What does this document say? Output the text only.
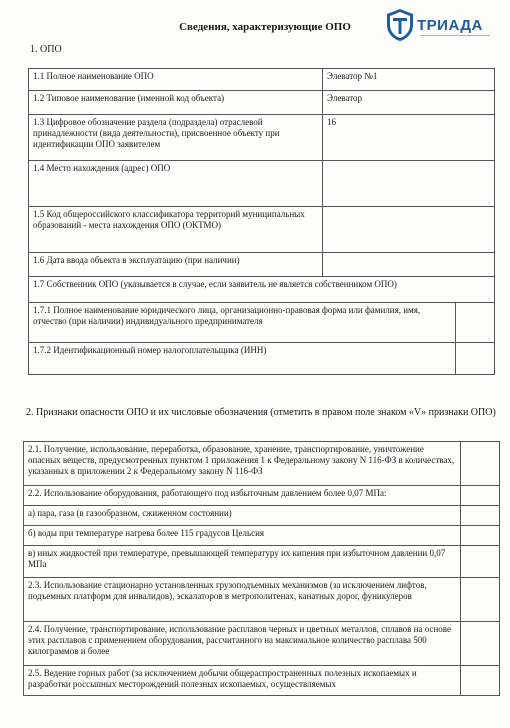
Сведения, характеризующие ОПО	ТРИАДА
1. ОПО
1.1 Полное наименование ОПО	Элеватор №1	
1.2 Типовое наименование (именной код объекта)	Элеватор	
1.3 Цифровое обозначение раздела (подраздела) отраслевой принадлежности (вида деятельности), присвоенное объекту при идентификации ОПО заявителем	16	
1.4 Место нахождения (адрес) ОПО		
1.5 Код общероссийского классификатора территорий муниципальных образований - места нахождения ОПО (ОКТМО)		
1.6 Дата ввода объекта в эксплуатацию (при наличии)		
1.7 Собственник ОПО (указывается в случае, если заявитель не является собственником ОПО)		
1.7.1 Полное наименование юридического лица, организационно-правовая форма или фамилия, имя, отчество (при наличии) индивидуального предпринимателя		
1.7.2 Идентификационный номер налогоплательщика (ИНН)		
2. Признаки опасности ОПО и их числовые обозначения (отметить в правом поле знаком «V» признаки ОПО)
2.1. Получение, использование, переработка, образование, хранение, транспортирование, уничтожение опасных веществ, предусмотренных пунктом 1 приложения 1 к Федеральному закону N 116-ФЗ в количествах, указанных в приложении 2 к Федеральному закону N 116-ФЗ	
2.2. Использование оборудования, работающего под избыточным давлением более 0,07 МПа:	
а) пара, газа (в газообразном, сжиженном состоянии)	
б) воды при температуре нагрева более 115 градусов Цельсия	
в) иных жидкостей при температуре, превышающей температуру их кипения при избыточном давлении 0,07 МПа	
2.3. Использование стационарно установленных грузоподъемных механизмов (за исключением лифтов, подъемных платформ для инвалидов), эскалаторов в метрополитенах, канатных дорог, фуникулеров	
2.4. Получение, транспортирование, использование расплавов черных и цветных металлов, сплавов на основе этих расплавов с применением оборудования, рассчитанного на максимальное количество расплава 500 килограммов и более	
2.5. Ведение горных работ (за исключением добычи общераспространенных полезных ископаемых и разработки россыпных месторождений полезных ископаемых, осуществляемых	
